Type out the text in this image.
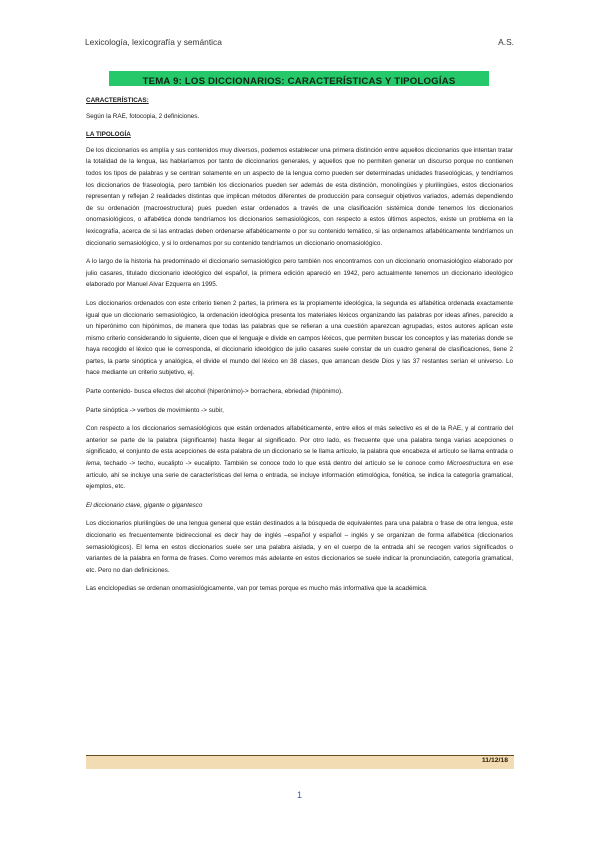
Lexicología, lexicografía y semántica	A.S.
TEMA 9: LOS DICCIONARIOS: CARACTERÍSTICAS Y TIPOLOGÍAS

CARACTERÍSTICAS:

Según la RAE, fotocopia, 2 definiciones.

LA TIPOLOGÍA

De los diccionarios es amplía y sus contenidos muy diversos, podemos establecer una primera distinción entre aquellos diccionarios que intentan tratar la totalidad de la lengua, las hablaríamos por tanto de diccionarios generales, y aquellos que no permiten generar un discurso porque no contienen todos los tipos de palabras y se centran solamente en un aspecto de la lengua como pueden ser determinadas unidades fraseológicas, y tendríamos los diccionarios de fraseología, pero también los diccionarios pueden ser además de esta distinción, monolingües y plurilingües, estos diccionarios representan y reflejan 2 realidades distintas que implican métodos diferentes de producción para conseguir objetivos variados, además dependiendo de su ordenación (macroestructura) pues pueden estar ordenados a través de una clasificación sistémica donde tenemos los diccionarios onomasiológicos, o alfabética donde tendríamos los diccionarios semasiológicos, con respecto a estos últimos aspectos, existe un problema en la lexicografía, acerca de si las entradas deben ordenarse alfabéticamente o por su contenido temático, si las ordenamos alfabéticamente tendríamos un diccionario semasiológico, y si lo ordenamos por su contenido tendríamos un diccionario onomasiológico.

A lo largo de la historia ha predominado el diccionario semasiológico pero también nos encontramos con un diccionario onomasiológico elaborado por julio casares, titulado diccionario ideológico del español, la primera edición apareció en 1942, pero actualmente tenemos un diccionario ideológico elaborado por Manuel Alvar Ezquerra en 1995.

Los diccionarios ordenados con este criterio tienen 2 partes, la primera es la propiamente ideológica, la segunda es alfabética ordenada exactamente igual que un diccionario semasiológico, la ordenación ideológica presenta los materiales léxicos organizando las palabras por ideas afines, parecido a un hiperónimo con hipónimos, de manera que todas las palabras que se refieran a una cuestión aparezcan agrupadas, estos autores aplican este mismo criterio considerando lo siguiente, dicen que el lenguaje e divide en campos léxicos, que permiten buscar los conceptos y las materias donde se haya recogido el léxico que le corresponda, el diccionario ideológico de julio casares suele constar de un cuadro general de clasificaciones, tiene 2 partes, la parte sinóptica y analógica, el divide el mundo del léxico en 38 clases, que arrancan desde Dios y las 37 restantes serían el universo. Lo hace mediante un criterio subjetivo, ej.

Parte contenido- busca efectos del alcohol (hiperónimo)-> borrachera, ebriedad (hipónimo).

Parte sinóptica -> verbos de movimiento -> subir,

Con respecto a los diccionarios semasiológicos que están ordenados alfabéticamente, entre ellos el más selectivo es el de la RAE, y al contrario del anterior se parte de la palabra (significante) hasta llegar al significado. Por otro lado, es frecuente que una palabra tenga varias acepciones o significado, el conjunto de esta acepciones de esta palabra de un diccionario se le llama artículo, la palabra que encabeza el artículo se llama entrada o lema, techado -> techo, eucalipto -> eucalipto. También se conoce todo lo que está dentro del artículo se le conoce como Microestructura en ese artículo, ahí se incluye una serie de características del lema o entrada, se incluye información etimológica, fonética, se indica la categoría gramatical, ejemplos, etc.

El diccionario clave, gigante o gigantesco

Los diccionarios plurilingües de una lengua general que están destinados a la búsqueda de equivalentes para una palabra o frase de otra lengua, este diccionario es frecuentemente bidireccional es decir hay de inglés –español y español – inglés y se organizan de forma alfabética (diccionarios semasiológicos). El lema en estos diccionarios suele ser una palabra aislada, y en el cuerpo de la entrada ahí se recogen varios significados o variantes de la palabra en forma de frases. Como veremos más adelante en estos diccionarios se suele indicar la pronunciación, categoría gramatical, etc. Pero no dan definiciones.

Las enciclopedias se ordenan onomasiológicamente, van por temas porque es mucho más informativa que la académica.

11/12/18
1
